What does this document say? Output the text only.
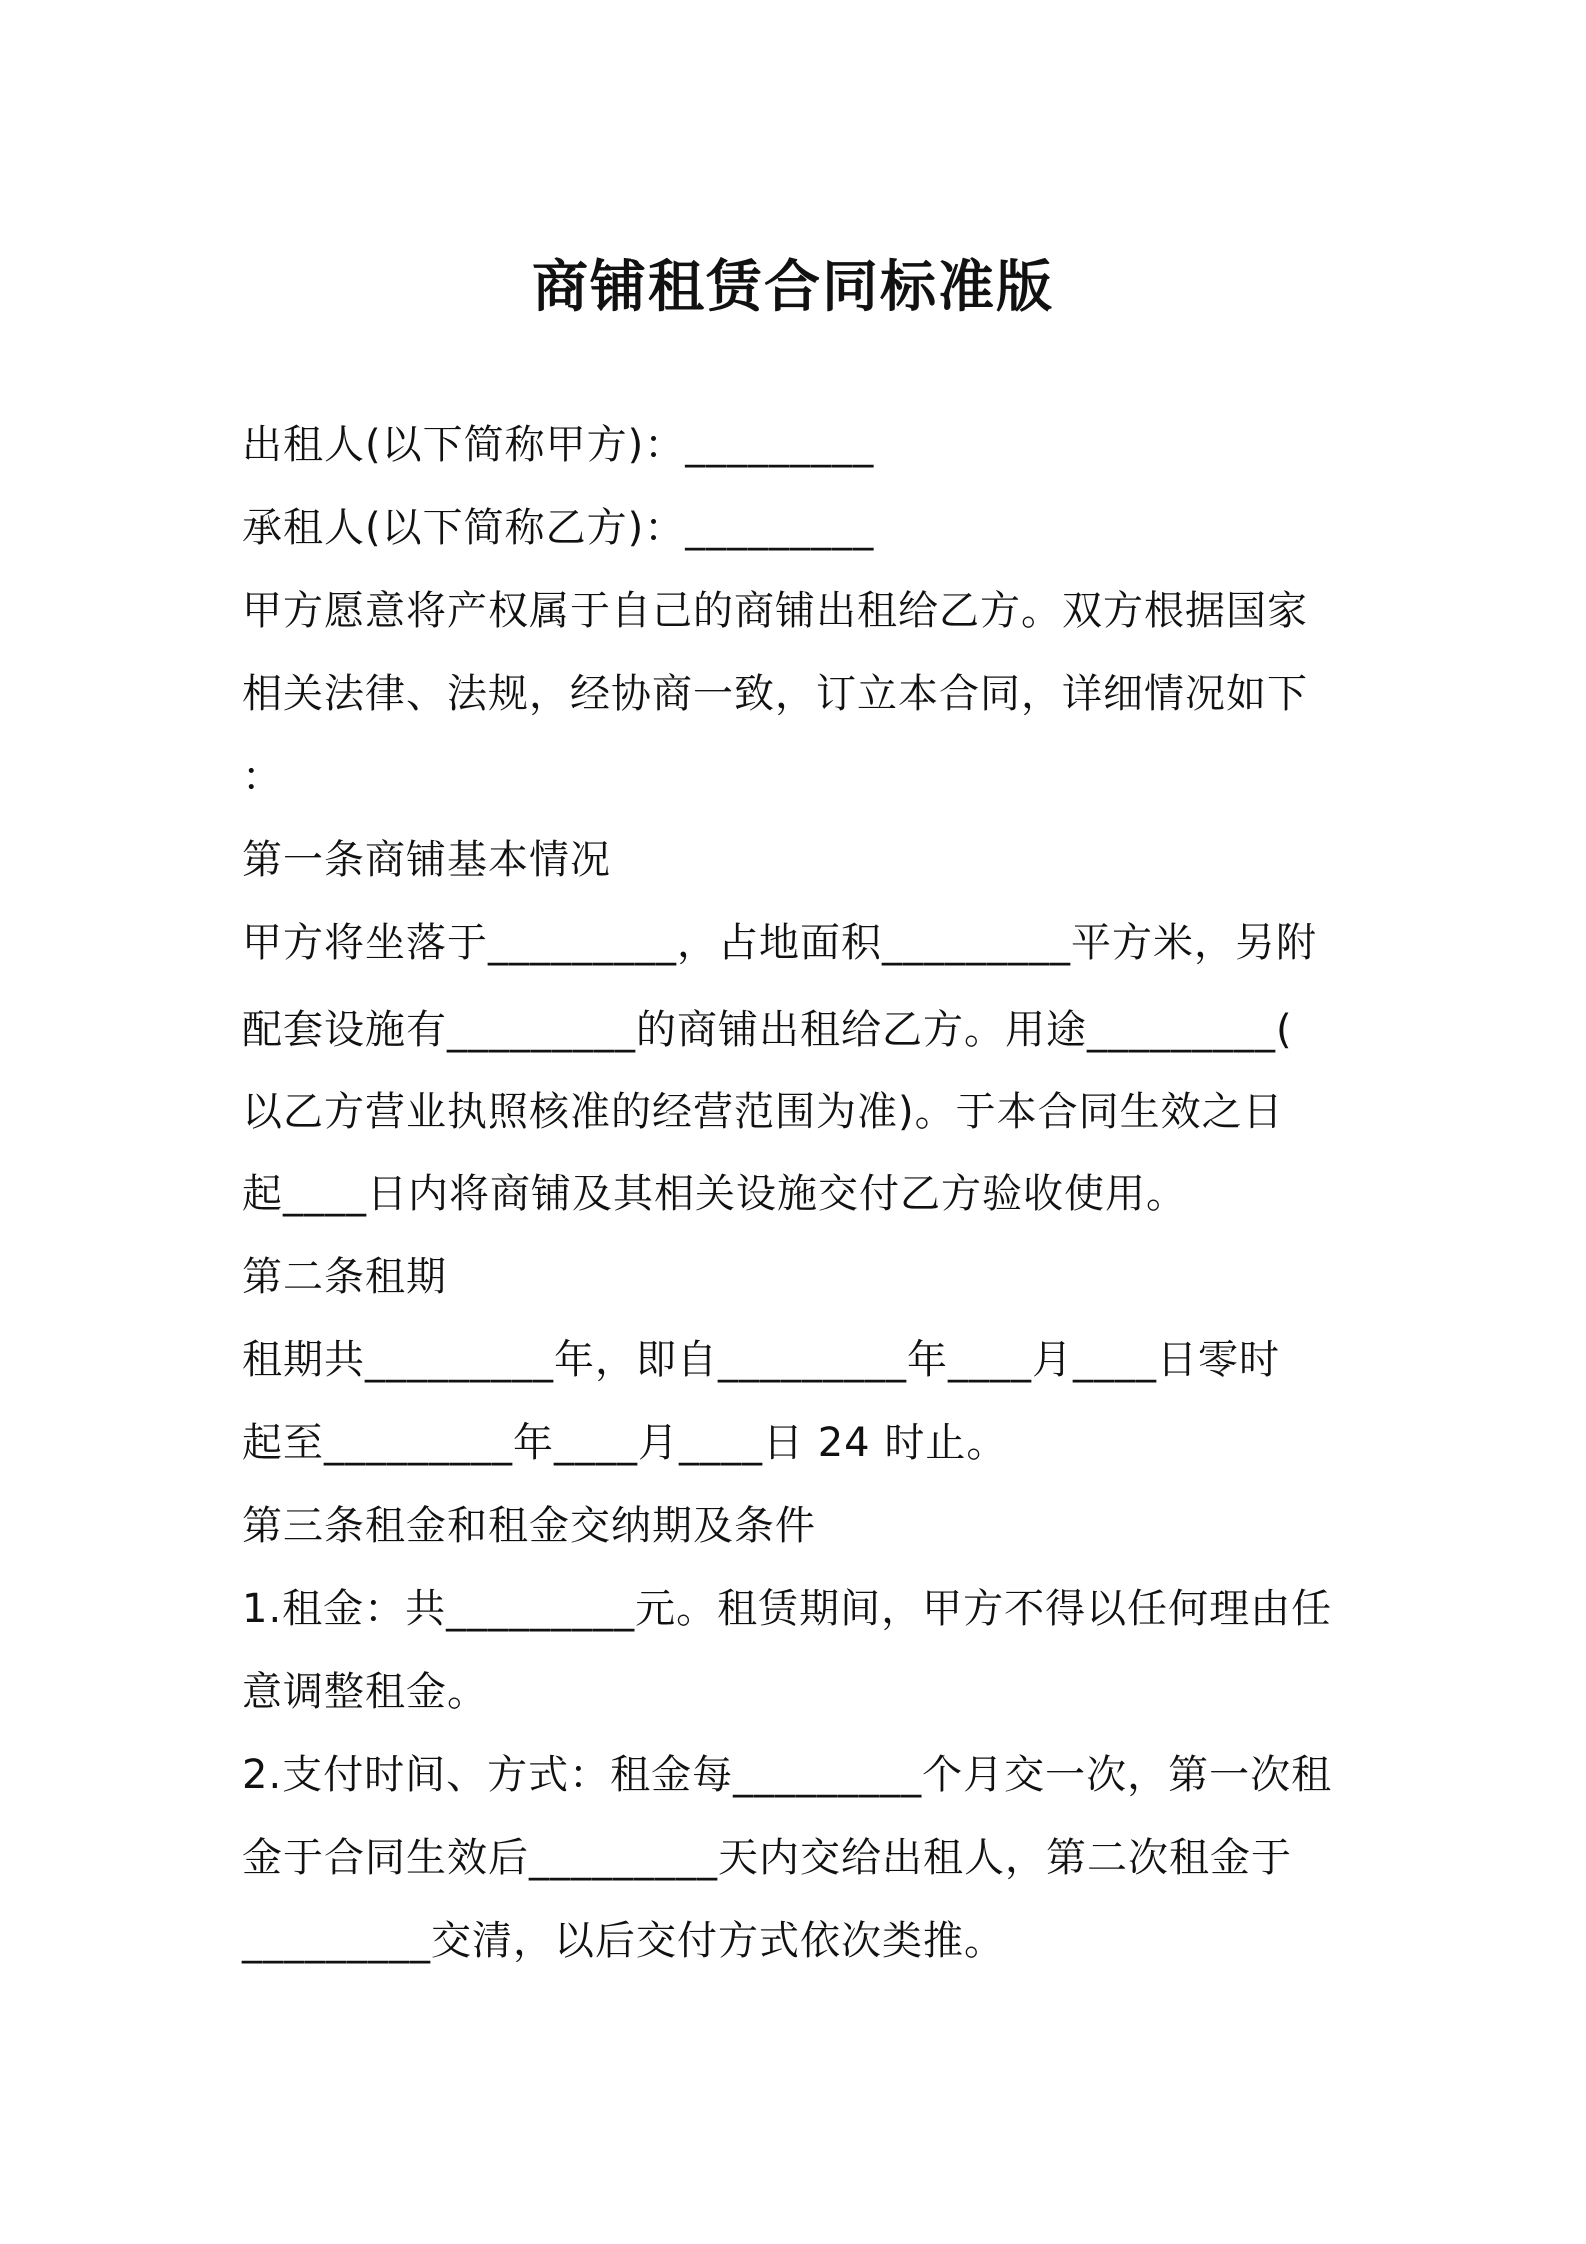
商铺租赁合同标准版
出租人(以下简称甲方)：_________
承租人(以下简称乙方)：_________
甲方愿意将产权属于自己的商铺出租给乙方。双方根据国家
相关法律、法规，经协商一致，订立本合同，详细情况如下
：
第一条商铺基本情况
甲方将坐落于_________，占地面积_________平方米，另附
配套设施有_________的商铺出租给乙方。用途_________(
以乙方营业执照核准的经营范围为准)。于本合同生效之日
起____日内将商铺及其相关设施交付乙方验收使用。
第二条租期
租期共_________年，即自_________年____月____日零时
起至_________年____月____日 24 时止。
第三条租金和租金交纳期及条件
1.租金：共_________元。租赁期间，甲方不得以任何理由任
意调整租金。
2.支付时间、方式：租金每_________个月交一次，第一次租
金于合同生效后_________天内交给出租人，第二次租金于
_________交清，以后交付方式依次类推。
